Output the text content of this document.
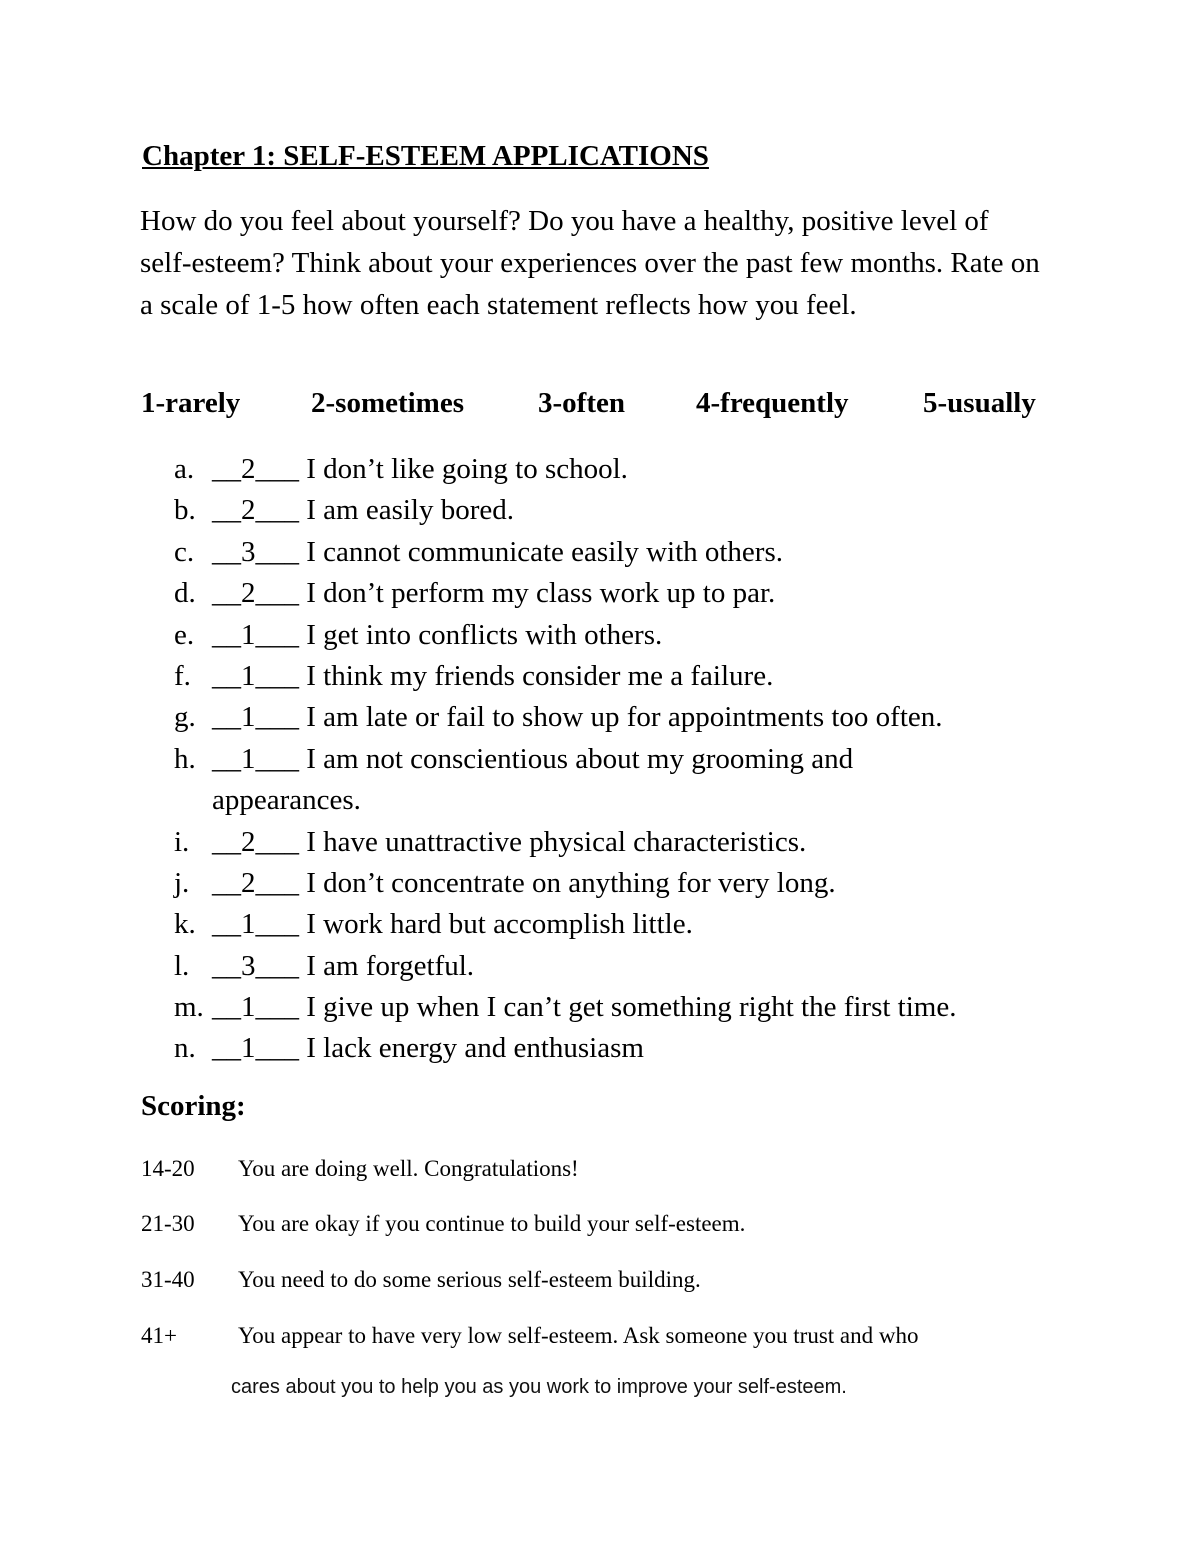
Chapter 1: SELF-ESTEEM APPLICATIONS
How do you feel about yourself? Do you have a healthy, positive level of self-esteem? Think about your experiences over the past few months. Rate on a scale of 1-5 how often each statement reflects how you feel.
1-rarely 2-sometimes	3-often 4-frequently	5-usually
a. __2___ I don’t like going to school.
b. __2___ I am easily bored.
c. __3___ I cannot communicate easily with others.
d. __2___ I don’t perform my class work up to par.
e. __1___ I get into conflicts with others.
f. __1___ I think my friends consider me a failure.
g. __1___ I am late or fail to show up for appointments too often.
h. __1___ I am not conscientious about my grooming and appearances.
i. __2___ I have unattractive physical characteristics.
j. __2___ I don’t concentrate on anything for very long.
k. __1___ I work hard but accomplish little.
l. __3___ I am forgetful.
m. __1___ I give up when I can’t get something right the first time.
n. __1___ I lack energy and enthusiasm
Scoring:
14-20 You are doing well. Congratulations!
21-30 You are okay if you continue to build your self-esteem.
31-40 You need to do some serious self-esteem building.
41+	You appear to have very low self-esteem. Ask someone you trust and who
cares about you to help you as you work to improve your self-esteem.
